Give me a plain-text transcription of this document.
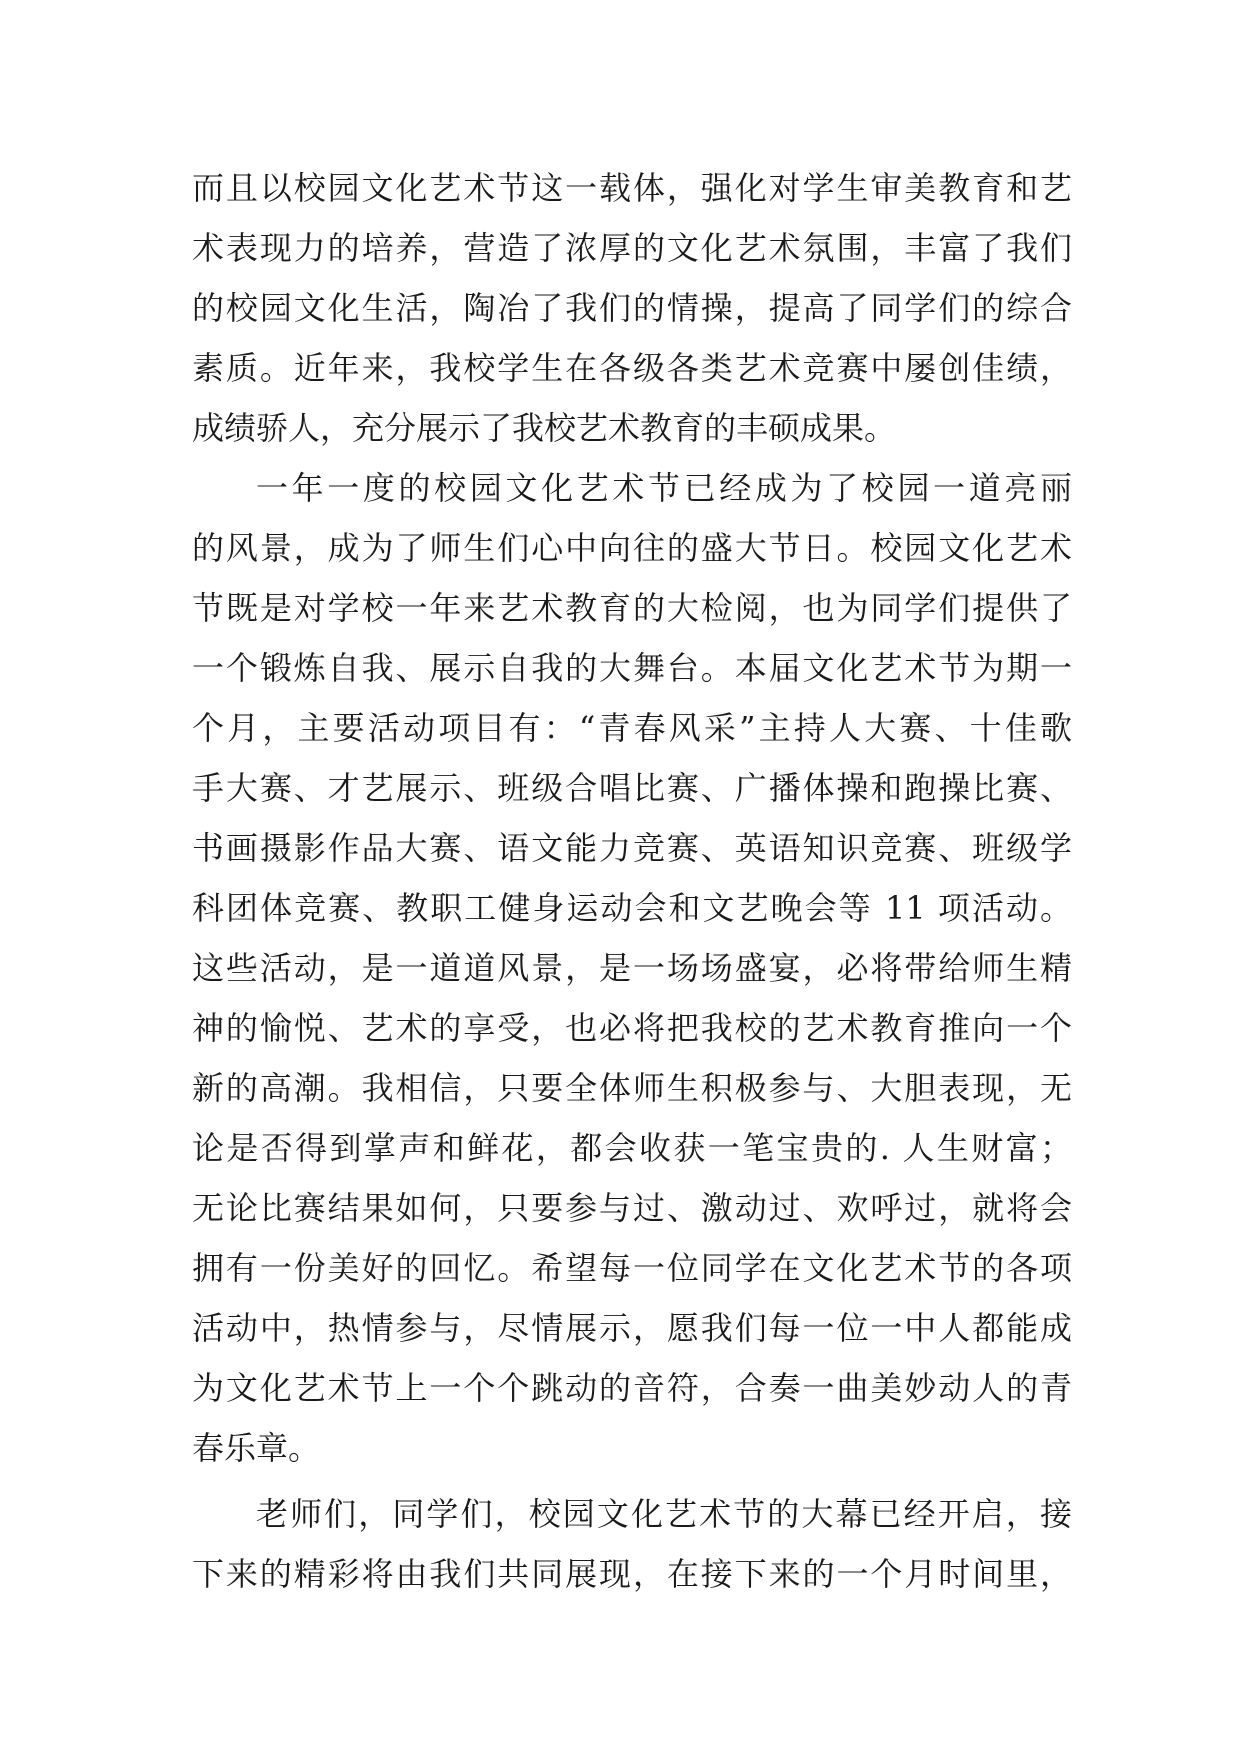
而且以校园文化艺术节这一载体，强化对学生审美教育和艺
术表现力的培养，营造了浓厚的文化艺术氛围，丰富了我们
的校园文化生活，陶冶了我们的情操，提高了同学们的综合
素质。近年来，我校学生在各级各类艺术竞赛中屡创佳绩，
成绩骄人，充分展示了我校艺术教育的丰硕成果。
一年一度的校园文化艺术节已经成为了校园一道亮丽
的风景，成为了师生们心中向往的盛大节日。校园文化艺术
节既是对学校一年来艺术教育的大检阅，也为同学们提供了
一个锻炼自我、展示自我的大舞台。本届文化艺术节为期一
个月，主要活动项目有：“青春风采”主持人大赛、十佳歌
手大赛、才艺展示、班级合唱比赛、广播体操和跑操比赛、
书画摄影作品大赛、语文能力竞赛、英语知识竞赛、班级学
科团体竞赛、教职工健身运动会和文艺晚会等 11 项活动。
这些活动，是一道道风景，是一场场盛宴，必将带给师生精
神的愉悦、艺术的享受，也必将把我校的艺术教育推向一个
新的高潮。我相信，只要全体师生积极参与、大胆表现，无
论是否得到掌声和鲜花，都会收获一笔宝贵的. 人生财富；
无论比赛结果如何，只要参与过、激动过、欢呼过，就将会
拥有一份美好的回忆。希望每一位同学在文化艺术节的各项
活动中，热情参与，尽情展示，愿我们每一位一中人都能成
为文化艺术节上一个个跳动的音符，合奏一曲美妙动人的青
春乐章。
老师们，同学们，校园文化艺术节的大幕已经开启，接
下来的精彩将由我们共同展现，在接下来的一个月时间里，
